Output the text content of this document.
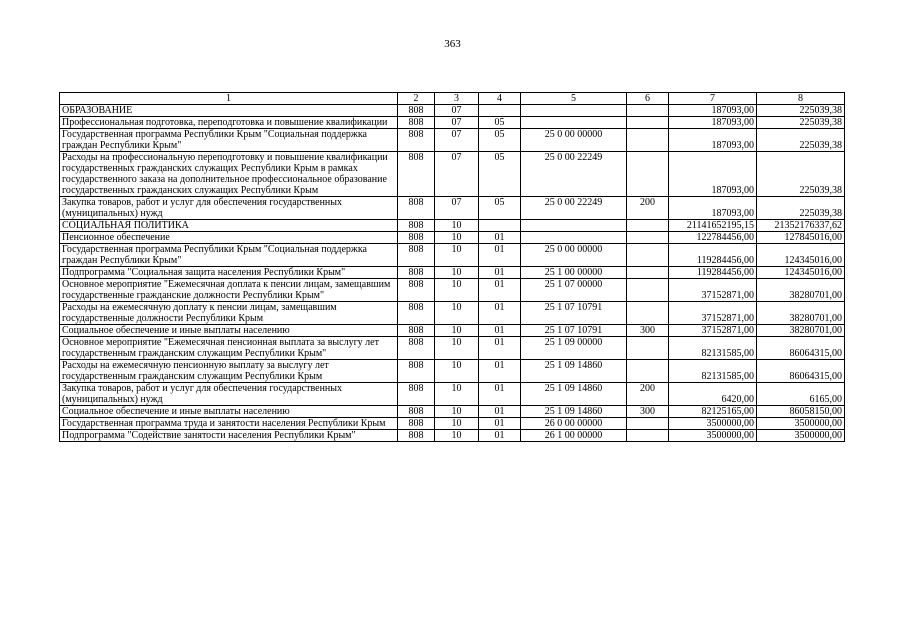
363
1	2	3	4	5	6	7	8
ОБРАЗОВАНИЕ	808	07				187093,00	225039,38
Профессиональная подготовка, переподготовка и повышение квалификации	808	07	05			187093,00	225039,38
Государственная программа Республики Крым "Социальная поддержка граждан Республики Крым"	808	07	05	25 0 00 00000		187093,00	225039,38
Расходы на профессиональную переподготовку и повышение квалификации государственных гражданских служащих Республики Крым в рамках государственного заказа на дополнительное профессиональное образование государственных гражданских служащих Республики Крым	808	07	05	25 0 00 22249		187093,00	225039,38
Закупка товаров, работ и услуг для обеспечения государственных (муниципальных) нужд	808	07	05	25 0 00 22249	200	187093,00	225039,38
СОЦИАЛЬНАЯ ПОЛИТИКА	808	10				21141652195,15	21352176337,62
Пенсионное обеспечение	808	10	01			122784456,00	127845016,00
Государственная программа Республики Крым "Социальная поддержка граждан Республики Крым"	808	10	01	25 0 00 00000		119284456,00	124345016,00
Подпрограмма "Социальная защита населения Республики Крым"	808	10	01	25 1 00 00000		119284456,00	124345016,00
Основное мероприятие "Ежемесячная доплата к пенсии лицам, замещавшим государственные гражданские должности Республики Крым"	808	10	01	25 1 07 00000		37152871,00	38280701,00
Расходы на ежемесячную доплату к пенсии лицам, замещавшим государственные должности Республики Крым	808	10	01	25 1 07 10791		37152871,00	38280701,00
Социальное обеспечение и иные выплаты населению	808	10	01	25 1 07 10791	300	37152871,00	38280701,00
Основное мероприятие "Ежемесячная пенсионная выплата за выслугу лет государственным гражданским служащим Республики Крым"	808	10	01	25 1 09 00000		82131585,00	86064315,00
Расходы на ежемесячную пенсионную выплату за выслугу лет государственным гражданским служащим Республики Крым	808	10	01	25 1 09 14860		82131585,00	86064315,00
Закупка товаров, работ и услуг для обеспечения государственных (муниципальных) нужд	808	10	01	25 1 09 14860	200	6420,00	6165,00
Социальное обеспечение и иные выплаты населению	808	10	01	25 1 09 14860	300	82125165,00	86058150,00
Государственная программа труда и занятости населения Республики Крым	808	10	01	26 0 00 00000		3500000,00	3500000,00
Подпрограмма "Содействие занятости населения Республики Крым"	808	10	01	26 1 00 00000		3500000,00	3500000,00
